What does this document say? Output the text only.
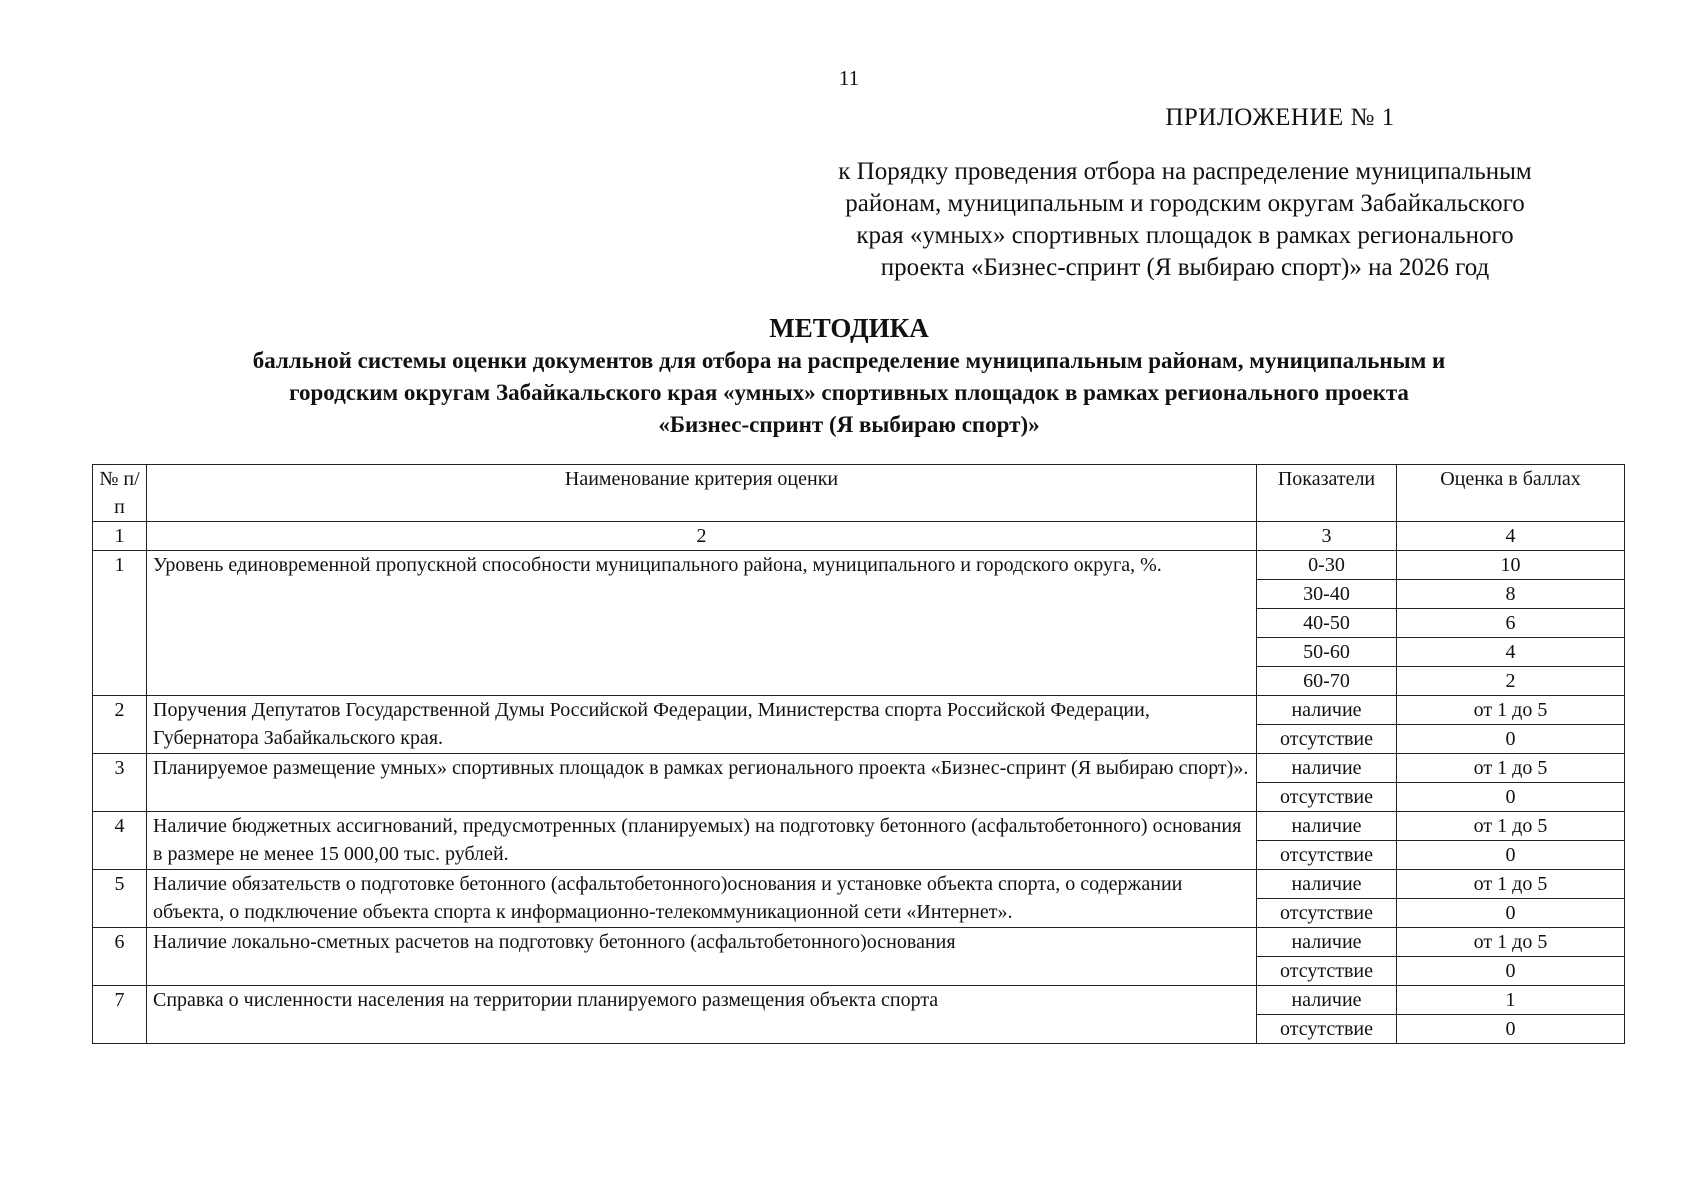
11
ПРИЛОЖЕНИЕ № 1
к Порядку проведения отбора на распределение муниципальным
районам, муниципальным и городским округам Забайкальского
края «умных» спортивных площадок в рамках регионального
проекта «Бизнес-спринт (Я выбираю спорт)» на 2026 год
МЕТОДИКА
балльной системы оценки документов для отбора на распределение муниципальным районам, муниципальным и
городским округам Забайкальского края «умных» спортивных площадок в рамках регионального проекта
«Бизнес-спринт (Я выбираю спорт)»
№ п/п	Наименование критерия оценки	Показатели	Оценка в баллах
1	2	3	4
1	Уровень единовременной пропускной способности муниципального района, муниципального и городского округа, %.	0-30	10
		30-40	8
		40-50	6
		50-60	4
		60-70	2
2	Поручения Депутатов Государственной Думы Российской Федерации, Министерства спорта Российской Федерации, Губернатора Забайкальского края.	наличие	от 1 до 5
		отсутствие	0
3	Планируемое размещение умных» спортивных площадок в рамках регионального проекта «Бизнес-спринт (Я выбираю спорт)».	наличие	от 1 до 5
		отсутствие	0
4	Наличие бюджетных ассигнований, предусмотренных (планируемых) на подготовку бетонного (асфальтобетонного) основания в размере не менее 15 000,00 тыс. рублей.	наличие	от 1 до 5
		отсутствие	0
5	Наличие обязательств о подготовке бетонного (асфальтобетонного)основания и установке объекта спорта, о содержании объекта, о подключение объекта спорта к информационно-телекоммуникационной сети «Интернет».	наличие	от 1 до 5
		отсутствие	0
6	Наличие локально-сметных расчетов на подготовку бетонного (асфальтобетонного)основания	наличие	от 1 до 5
		отсутствие	0
7	Справка о численности населения на территории планируемого размещения объекта спорта	наличие	1
		отсутствие	0
